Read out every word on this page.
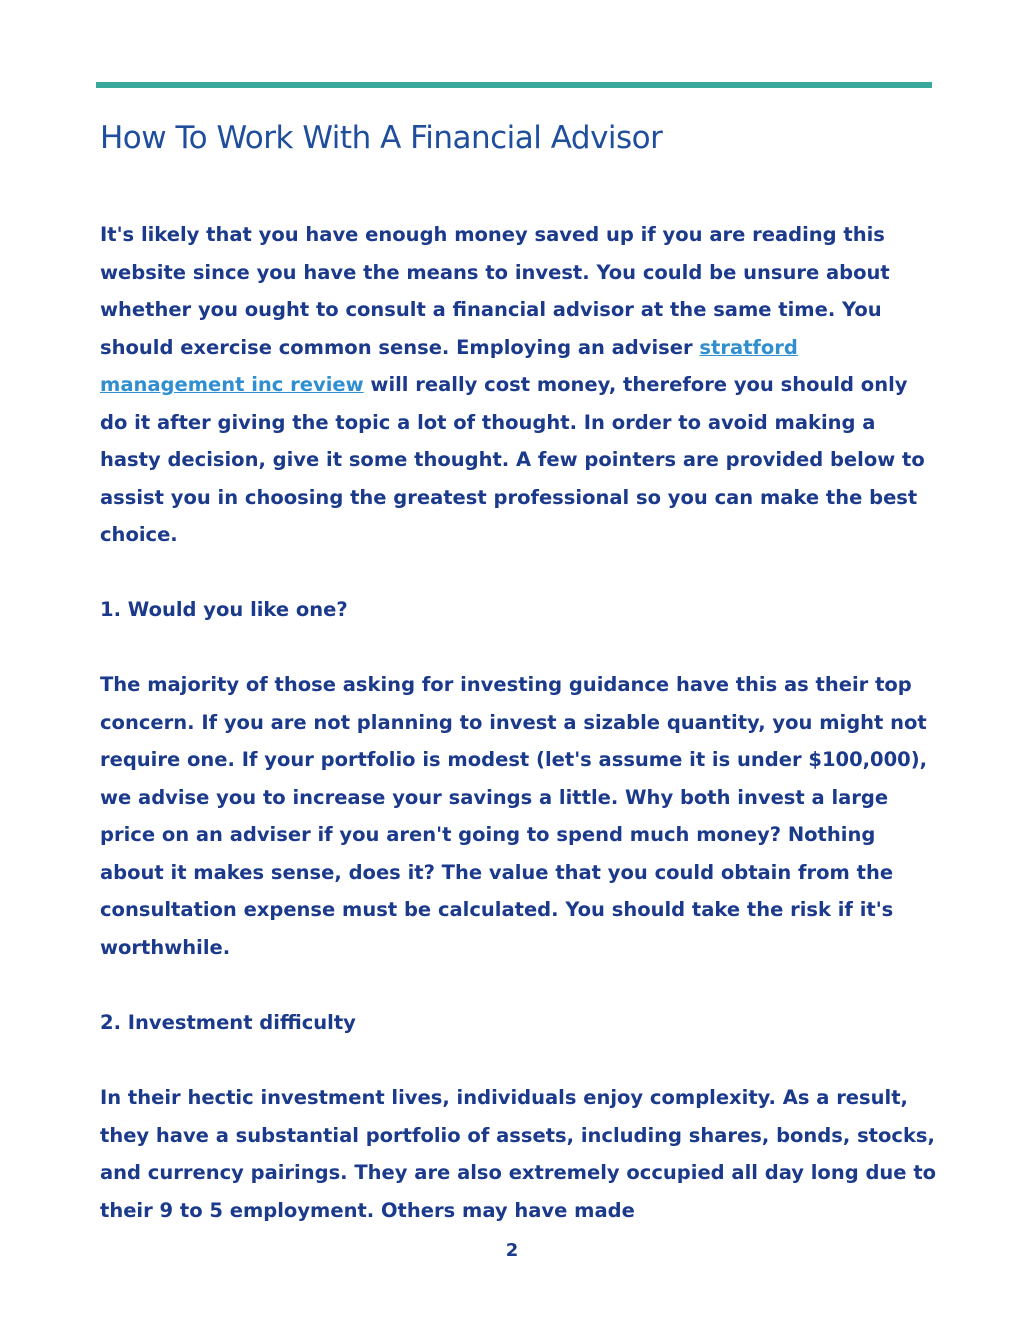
How To Work With A Financial Advisor

It's likely that you have enough money saved up if you are reading this website since you have the means to invest. You could be unsure about whether you ought to consult a financial advisor at the same time. You should exercise common sense. Employing an adviser stratford management inc review will really cost money, therefore you should only do it after giving the topic a lot of thought. In order to avoid making a hasty decision, give it some thought. A few pointers are provided below to assist you in choosing the greatest professional so you can make the best choice.

1. Would you like one?

The majority of those asking for investing guidance have this as their top concern. If you are not planning to invest a sizable quantity, you might not require one. If your portfolio is modest (let's assume it is under $100,000), we advise you to increase your savings a little. Why both invest a large price on an adviser if you aren't going to spend much money? Nothing about it makes sense, does it? The value that you could obtain from the consultation expense must be calculated. You should take the risk if it's worthwhile.

2. Investment difficulty

In their hectic investment lives, individuals enjoy complexity. As a result, they have a substantial portfolio of assets, including shares, bonds, stocks, and currency pairings. They are also extremely occupied all day long due to their 9 to 5 employment. Others may have made

2
